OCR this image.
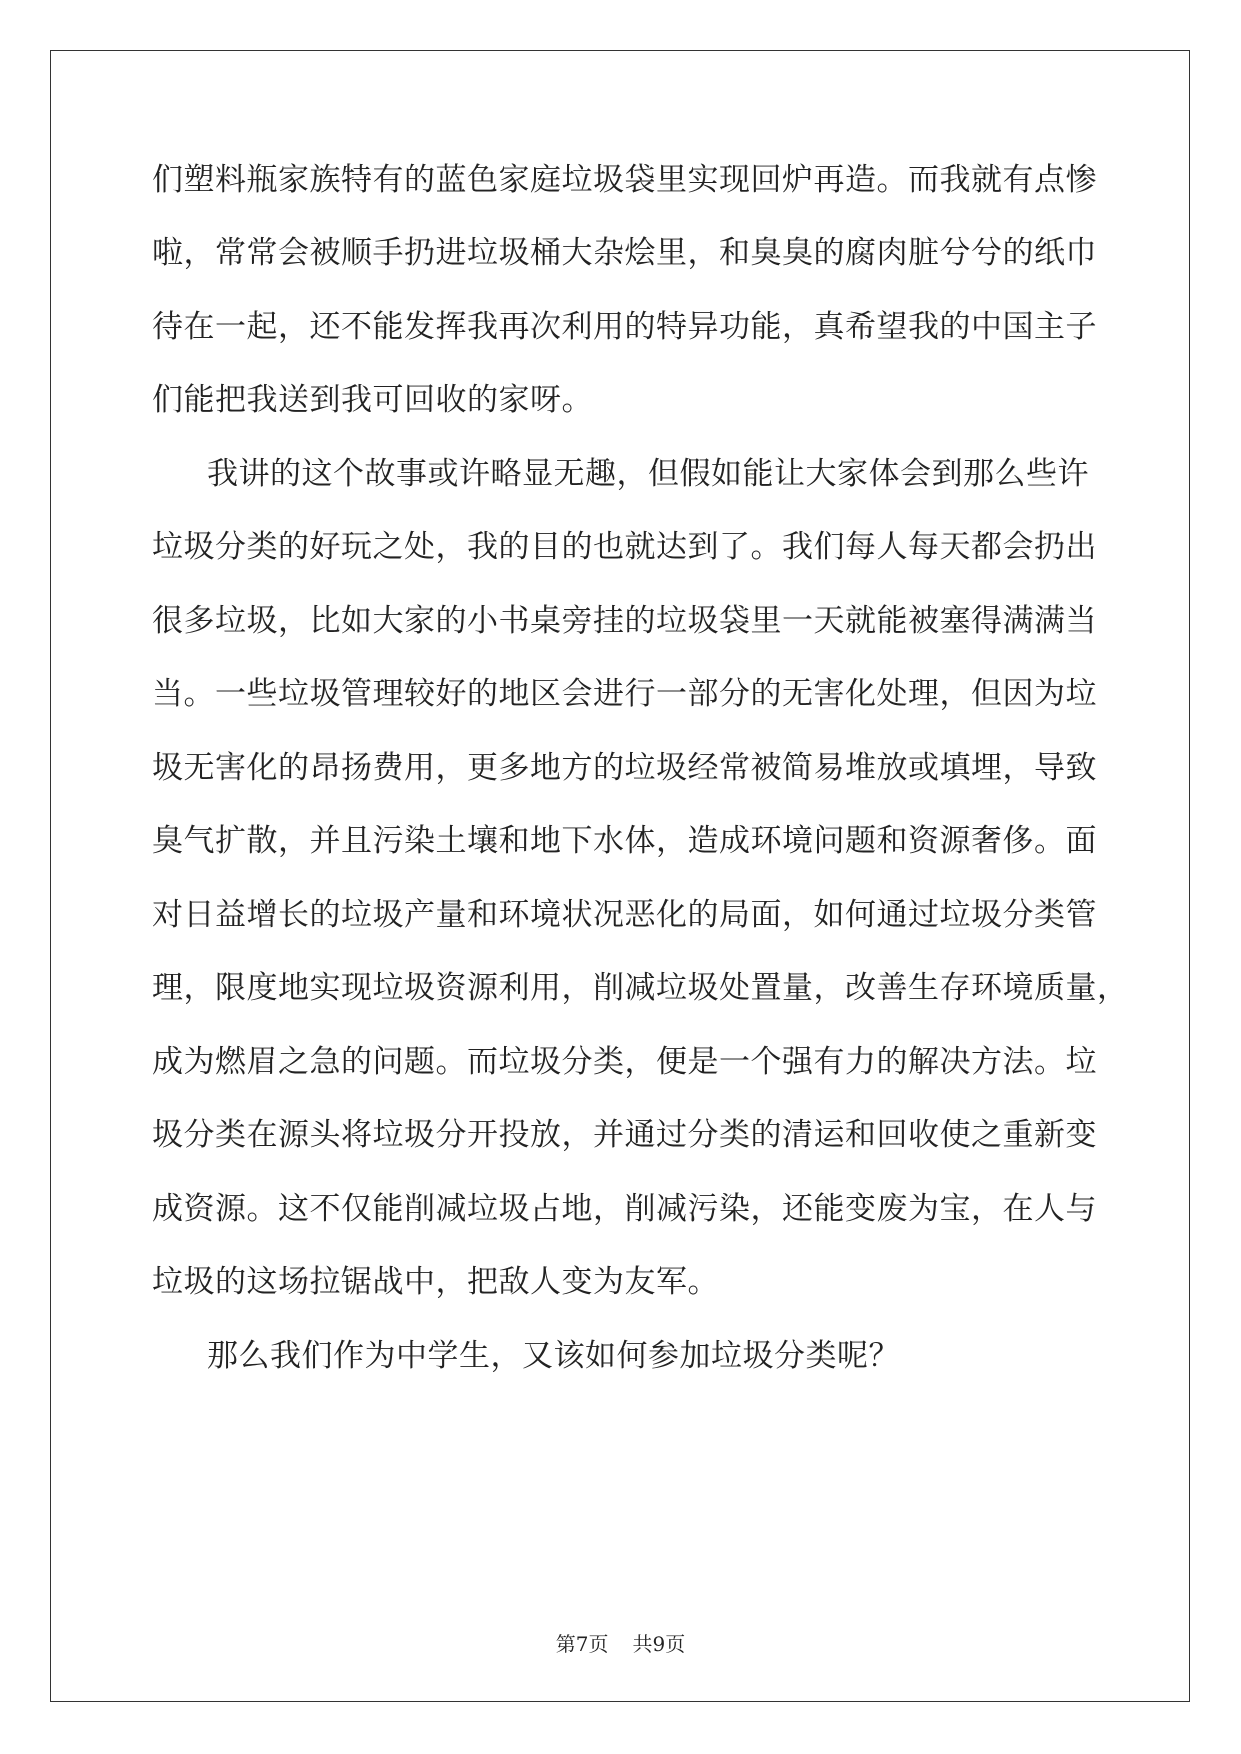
们塑料瓶家族特有的蓝色家庭垃圾袋里实现回炉再造。而我就有点惨
啦，常常会被顺手扔进垃圾桶大杂烩里，和臭臭的腐肉脏兮兮的纸巾
待在一起，还不能发挥我再次利用的特异功能，真希望我的中国主子
们能把我送到我可回收的家呀。
我讲的这个故事或许略显无趣，但假如能让大家体会到那么些许
垃圾分类的好玩之处，我的目的也就达到了。我们每人每天都会扔出
很多垃圾，比如大家的小书桌旁挂的垃圾袋里一天就能被塞得满满当
当。一些垃圾管理较好的地区会进行一部分的无害化处理，但因为垃
圾无害化的昂扬费用，更多地方的垃圾经常被简易堆放或填埋，导致
臭气扩散，并且污染土壤和地下水体，造成环境问题和资源奢侈。面
对日益增长的垃圾产量和环境状况恶化的局面，如何通过垃圾分类管
理，限度地实现垃圾资源利用，削减垃圾处置量，改善生存环境质量，
成为燃眉之急的问题。而垃圾分类，便是一个强有力的解决方法。垃
圾分类在源头将垃圾分开投放，并通过分类的清运和回收使之重新变
成资源。这不仅能削减垃圾占地，削减污染，还能变废为宝，在人与
垃圾的这场拉锯战中，把敌人变为友军。
那么我们作为中学生，又该如何参加垃圾分类呢？
第7页 共9页
